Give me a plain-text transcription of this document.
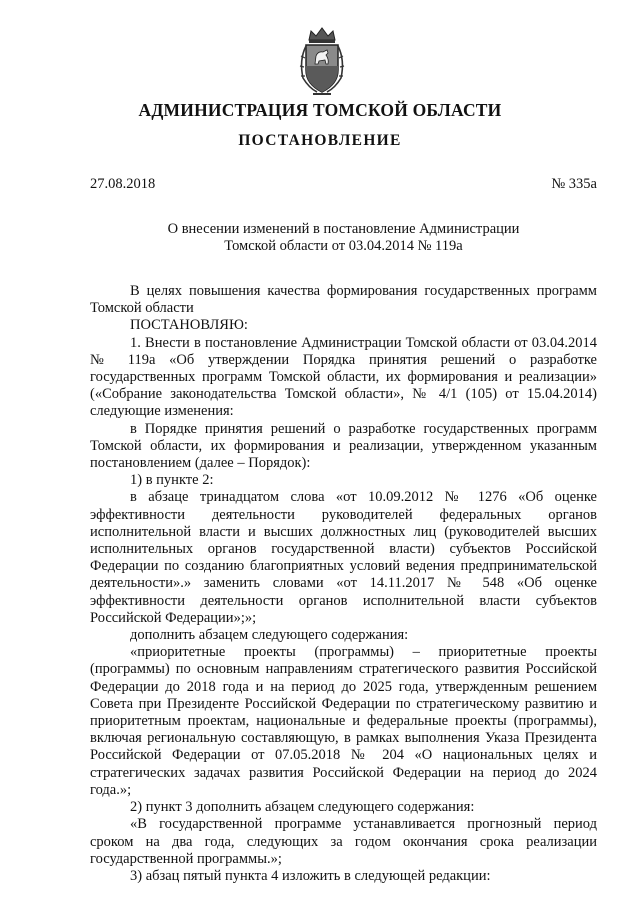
АДМИНИСТРАЦИЯ ТОМСКОЙ ОБЛАСТИ
ПОСТАНОВЛЕНИЕ
27.08.2018	№ 335а
О внесении изменений в постановление Администрации
Томской области от 03.04.2014 № 119а

В целях повышения качества формирования государственных программ Томской области

ПОСТАНОВЛЯЮ:

1. Внести в постановление Администрации Томской области от 03.04.2014 № 119а «Об утверждении Порядка принятия решений о разработке государственных программ Томской области, их формирования и реализации» («Собрание законодательства Томской области», № 4/1 (105) от 15.04.2014) следующие изменения:

в Порядке принятия решений о разработке государственных программ Томской области, их формирования и реализации, утвержденном указанным постановлением (далее – Порядок):

1) в пункте 2:

в абзаце тринадцатом слова «от 10.09.2012 № 1276 «Об оценке эффективности деятельности руководителей федеральных органов исполнительной власти и высших должностных лиц (руководителей высших исполнительных органов государственной власти) субъектов Российской Федерации по созданию благоприятных условий ведения предпринимательской деятельности».» заменить словами «от 14.11.2017 № 548 «Об оценке эффективности деятельности органов исполнительной власти субъектов Российской Федерации»;»;

дополнить абзацем следующего содержания:

«приоритетные проекты (программы) – приоритетные проекты (программы) по основным направлениям стратегического развития Российской Федерации до 2018 года и на период до 2025 года, утвержденным решением Совета при Президенте Российской Федерации по стратегическому развитию и приоритетным проектам, национальные и федеральные проекты (программы), включая региональную составляющую, в рамках выполнения Указа Президента Российской Федерации от 07.05.2018 № 204 «О национальных целях и стратегических задачах развития Российской Федерации на период до 2024 года.»;

2) пункт 3 дополнить абзацем следующего содержания:

«В государственной программе устанавливается прогнозный период сроком на два года, следующих за годом окончания срока реализации государственной программы.»;

3) абзац пятый пункта 4 изложить в следующей редакции:
